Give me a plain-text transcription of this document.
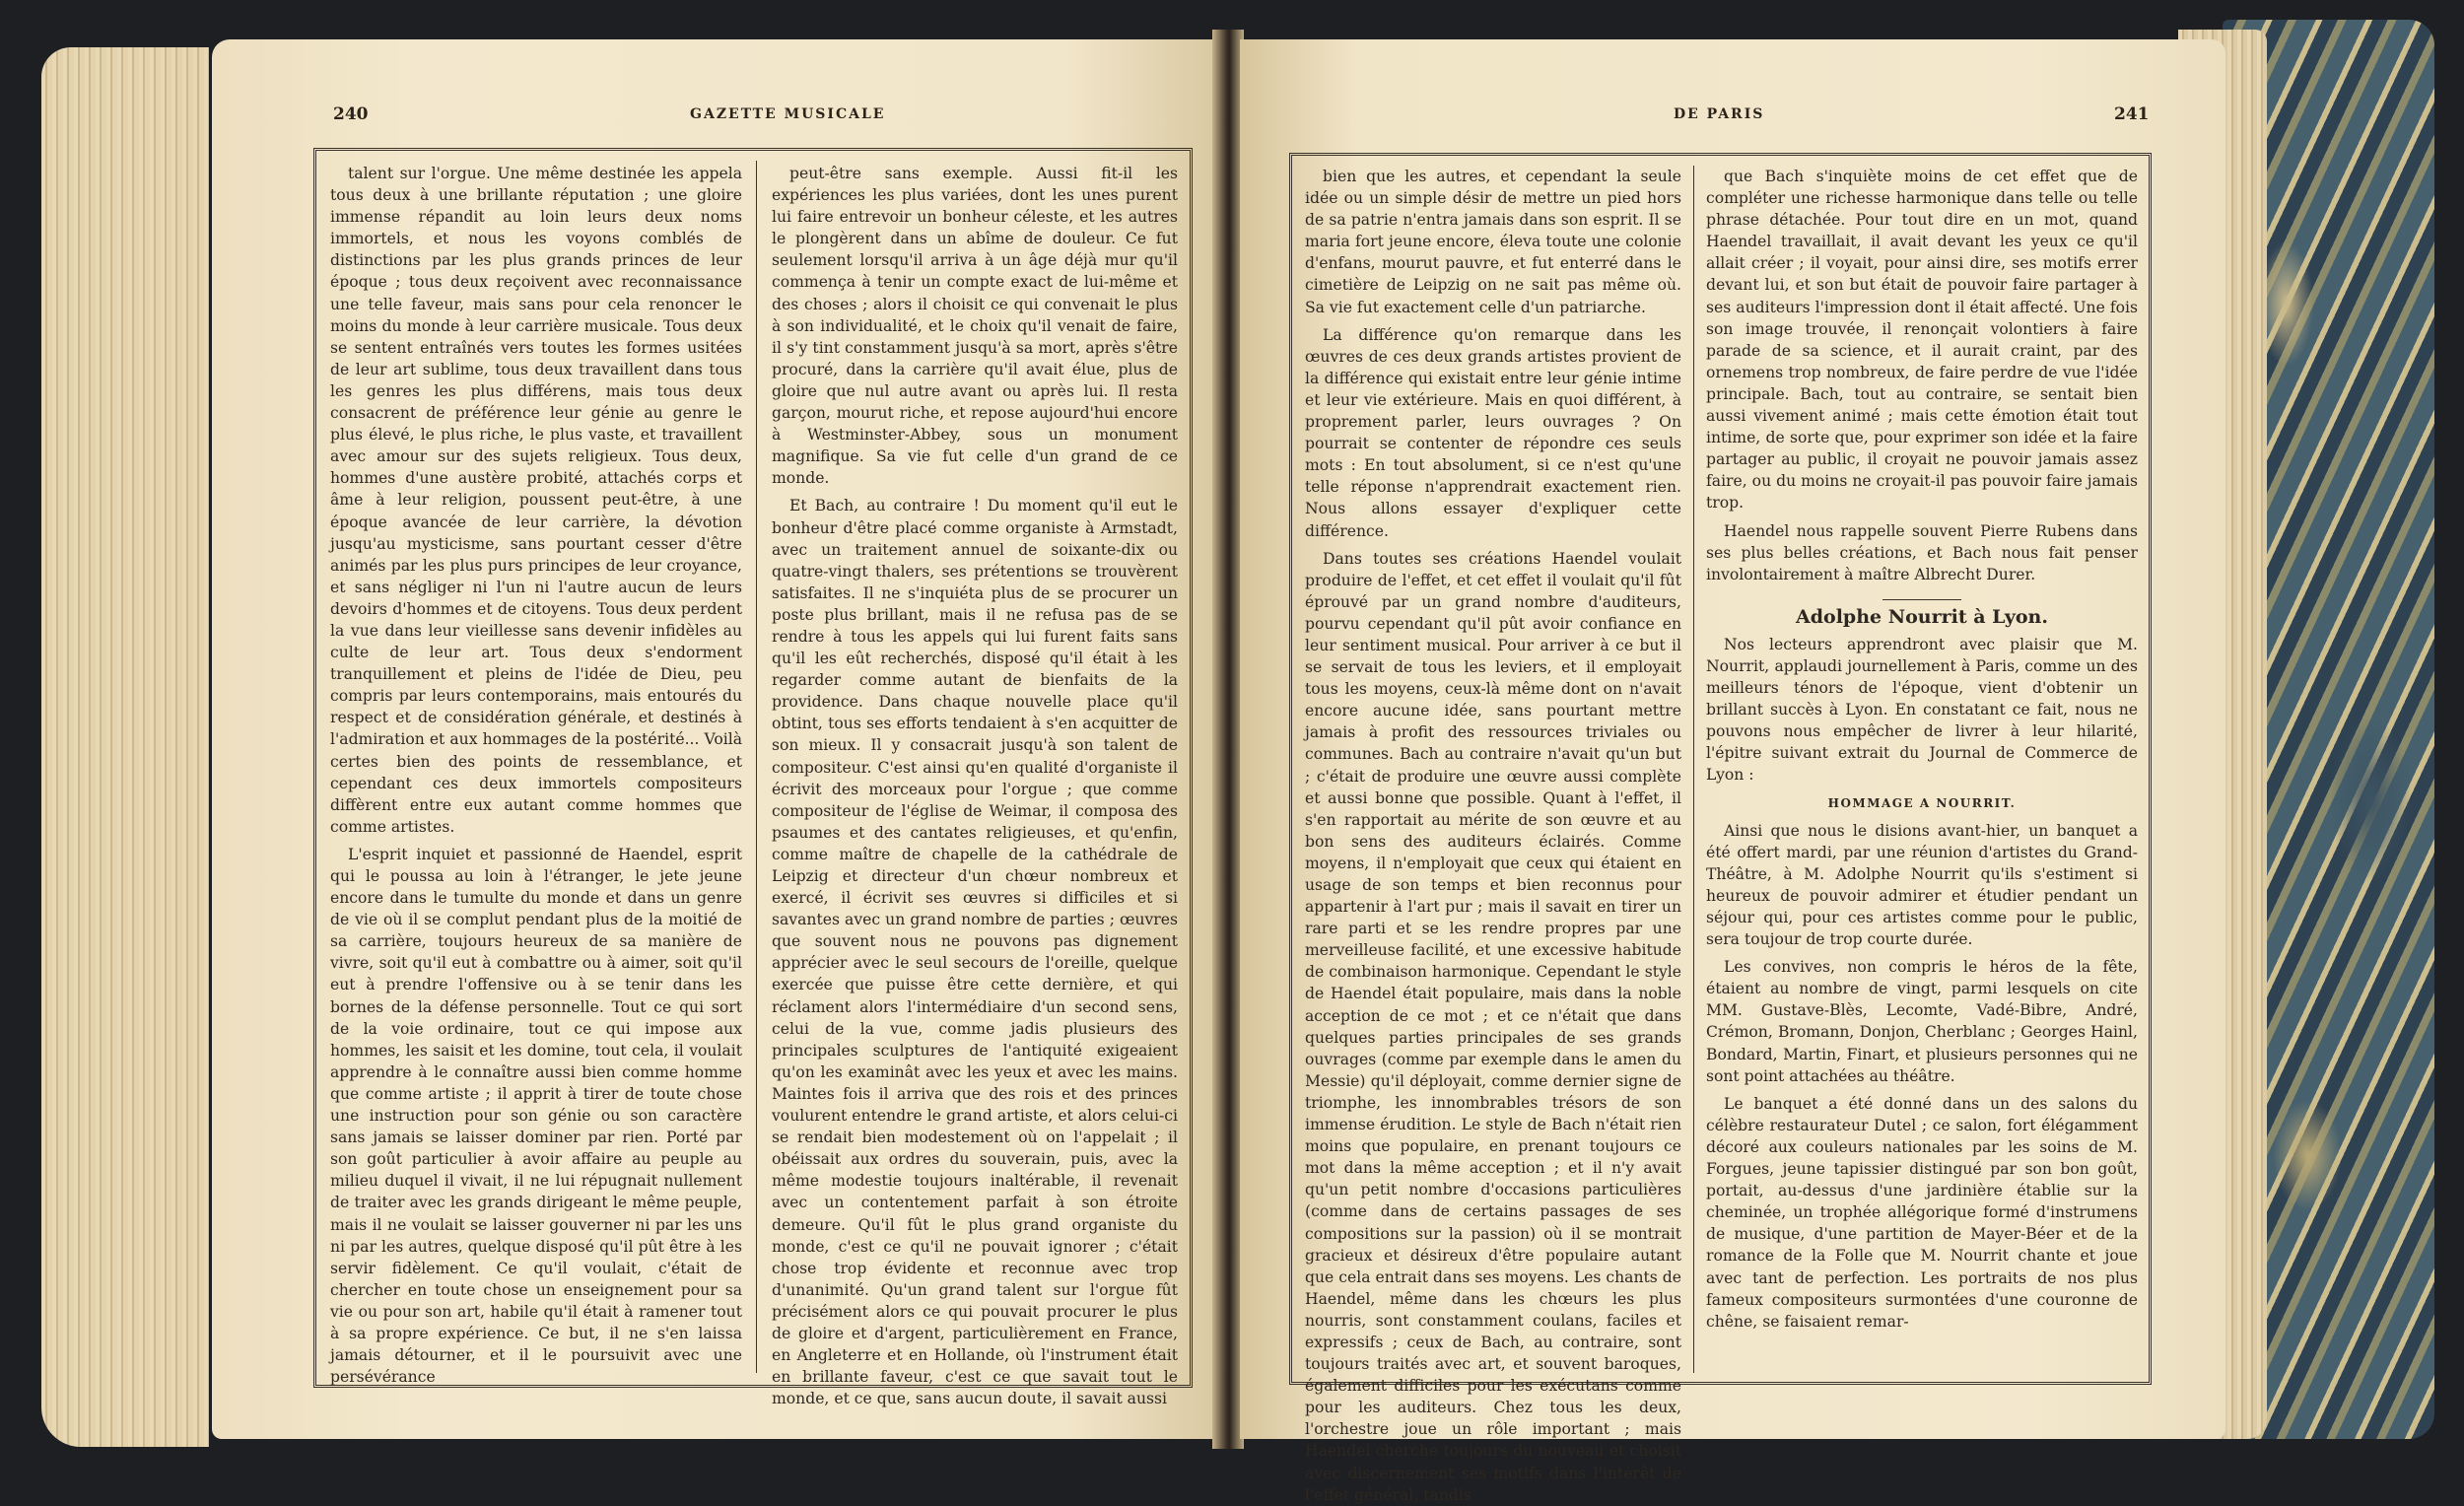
240	GAZETTE MUSICALE

talent sur l'orgue. Une même destinée les appela tous deux à une brillante réputation ; une gloire immense répandit au loin leurs deux noms immortels, et nous les voyons comblés de distinctions par les plus grands princes de leur époque ; tous deux reçoivent avec reconnaissance une telle faveur, mais sans pour cela renoncer le moins du monde à leur carrière musicale. Tous deux se sentent entraînés vers toutes les formes usitées de leur art sublime, tous deux travaillent dans tous les genres les plus différens, mais tous deux consacrent de préférence leur génie au genre le plus élevé, le plus riche, le plus vaste, et travaillent avec amour sur des sujets religieux. Tous deux, hommes d'une austère probité, attachés corps et âme à leur religion, poussent peut-être, à une époque avancée de leur carrière, la dévotion jusqu'au mysticisme, sans pourtant cesser d'être animés par les plus purs principes de leur croyance, et sans négliger ni l'un ni l'autre aucun de leurs devoirs d'hommes et de citoyens. Tous deux perdent la vue dans leur vieillesse sans devenir infidèles au culte de leur art. Tous deux s'endorment tranquillement et pleins de l'idée de Dieu, peu compris par leurs contemporains, mais entourés du respect et de considération générale, et destinés à l'admiration et aux hommages de la postérité... Voilà certes bien des points de ressemblance, et cependant ces deux immortels compositeurs diffèrent entre eux autant comme hommes que comme artistes.

L'esprit inquiet et passionné de Haendel, esprit qui le poussa au loin à l'étranger, le jete jeune encore dans le tumulte du monde et dans un genre de vie où il se complut pendant plus de la moitié de sa carrière, toujours heureux de sa manière de vivre, soit qu'il eut à combattre ou à aimer, soit qu'il eut à prendre l'offensive ou à se tenir dans les bornes de la défense personnelle. Tout ce qui sort de la voie ordinaire, tout ce qui impose aux hommes, les saisit et les domine, tout cela, il voulait apprendre à le connaître aussi bien comme homme que comme artiste ; il apprit à tirer de toute chose une instruction pour son génie ou son caractère sans jamais se laisser dominer par rien. Porté par son goût particulier à avoir affaire au peuple au milieu duquel il vivait, il ne lui répugnait nullement de traiter avec les grands dirigeant le même peuple, mais il ne voulait se laisser gouverner ni par les uns ni par les autres, quelque disposé qu'il pût être à les servir fidèlement. Ce qu'il voulait, c'était de chercher en toute chose un enseignement pour sa vie ou pour son art, habile qu'il était à ramener tout à sa propre expérience. Ce but, il ne s'en laissa jamais détourner, et il le poursuivit avec une persévérance

peut-être sans exemple. Aussi fit-il les expériences les plus variées, dont les unes purent lui faire entrevoir un bonheur céleste, et les autres le plongèrent dans un abîme de douleur. Ce fut seulement lorsqu'il arriva à un âge déjà mur qu'il commença à tenir un compte exact de lui-même et des choses ; alors il choisit ce qui convenait le plus à son individualité, et le choix qu'il venait de faire, il s'y tint constamment jusqu'à sa mort, après s'être procuré, dans la carrière qu'il avait élue, plus de gloire que nul autre avant ou après lui. Il resta garçon, mourut riche, et repose aujourd'hui encore à Westminster-Abbey, sous un monument magnifique. Sa vie fut celle d'un grand de ce monde.

Et Bach, au contraire ! Du moment qu'il eut le bonheur d'être placé comme organiste à Armstadt, avec un traitement annuel de soixante-dix ou quatre-vingt thalers, ses prétentions se trouvèrent satisfaites. Il ne s'inquiéta plus de se procurer un poste plus brillant, mais il ne refusa pas de se rendre à tous les appels qui lui furent faits sans qu'il les eût recherchés, disposé qu'il était à les regarder comme autant de bienfaits de la providence. Dans chaque nouvelle place qu'il obtint, tous ses efforts tendaient à s'en acquitter de son mieux. Il y consacrait jusqu'à son talent de compositeur. C'est ainsi qu'en qualité d'organiste il écrivit des morceaux pour l'orgue ; que comme compositeur de l'église de Weimar, il composa des psaumes et des cantates religieuses, et qu'enfin, comme maître de chapelle de la cathédrale de Leipzig et directeur d'un chœur nombreux et exercé, il écrivit ses œuvres si difficiles et si savantes avec un grand nombre de parties ; œuvres que souvent nous ne pouvons pas dignement apprécier avec le seul secours de l'oreille, quelque exercée que puisse être cette dernière, et qui réclament alors l'intermédiaire d'un second sens, celui de la vue, comme jadis plusieurs des principales sculptures de l'antiquité exigeaient qu'on les examinât avec les yeux et avec les mains. Maintes fois il arriva que des rois et des princes voulurent entendre le grand artiste, et alors celui-ci se rendait bien modestement où on l'appelait ; il obéissait aux ordres du souverain, puis, avec la même modestie toujours inaltérable, il revenait avec un contentement parfait à son étroite demeure. Qu'il fût le plus grand organiste du monde, c'est ce qu'il ne pouvait ignorer ; c'était chose trop évidente et reconnue avec trop d'unanimité. Qu'un grand talent sur l'orgue fût précisément alors ce qui pouvait procurer le plus de gloire et d'argent, particulièrement en France, en Angleterre et en Hollande, où l'instrument était en brillante faveur, c'est ce que savait tout le monde, et ce que, sans aucun doute, il savait aussi

DE PARIS	241

bien que les autres, et cependant la seule idée ou un simple désir de mettre un pied hors de sa patrie n'entra jamais dans son esprit. Il se maria fort jeune encore, éleva toute une colonie d'enfans, mourut pauvre, et fut enterré dans le cimetière de Leipzig on ne sait pas même où. Sa vie fut exactement celle d'un patriarche.

La différence qu'on remarque dans les œuvres de ces deux grands artistes provient de la différence qui existait entre leur génie intime et leur vie extérieure. Mais en quoi différent, à proprement parler, leurs ouvrages ? On pourrait se contenter de répondre ces seuls mots : En tout absolument, si ce n'est qu'une telle réponse n'apprendrait exactement rien. Nous allons essayer d'expliquer cette différence.

Dans toutes ses créations Haendel voulait produire de l'effet, et cet effet il voulait qu'il fût éprouvé par un grand nombre d'auditeurs, pourvu cependant qu'il pût avoir confiance en leur sentiment musical. Pour arriver à ce but il se servait de tous les leviers, et il employait tous les moyens, ceux-là même dont on n'avait encore aucune idée, sans pourtant mettre jamais à profit des ressources triviales ou communes. Bach au contraire n'avait qu'un but ; c'était de produire une œuvre aussi complète et aussi bonne que possible. Quant à l'effet, il s'en rapportait au mérite de son œuvre et au bon sens des auditeurs éclairés. Comme moyens, il n'employait que ceux qui étaient en usage de son temps et bien reconnus pour appartenir à l'art pur ; mais il savait en tirer un rare parti et se les rendre propres par une merveilleuse facilité, et une excessive habitude de combinaison harmonique. Cependant le style de Haendel était populaire, mais dans la noble acception de ce mot ; et ce n'était que dans quelques parties principales de ses grands ouvrages (comme par exemple dans le amen du Messie) qu'il déployait, comme dernier signe de triomphe, les innombrables trésors de son immense érudition. Le style de Bach n'était rien moins que populaire, en prenant toujours ce mot dans la même acception ; et il n'y avait qu'un petit nombre d'occasions particulières (comme dans de certains passages de ses compositions sur la passion) où il se montrait gracieux et désireux d'être populaire autant que cela entrait dans ses moyens. Les chants de Haendel, même dans les chœurs les plus nourris, sont constamment coulans, faciles et expressifs ; ceux de Bach, au contraire, sont toujours traités avec art, et souvent baroques, également difficiles pour les exécutans comme pour les auditeurs. Chez tous les deux, l'orchestre joue un rôle important ; mais Haendel cherche toujours du nouveau et choisit avec discernement ses motifs dans l'intérêt de l'effet général, tandis

que Bach s'inquiète moins de cet effet que de compléter une richesse harmonique dans telle ou telle phrase détachée. Pour tout dire en un mot, quand Haendel travaillait, il avait devant les yeux ce qu'il allait créer ; il voyait, pour ainsi dire, ses motifs errer devant lui, et son but était de pouvoir faire partager à ses auditeurs l'impression dont il était affecté. Une fois son image trouvée, il renonçait volontiers à faire parade de sa science, et il aurait craint, par des ornemens trop nombreux, de faire perdre de vue l'idée principale. Bach, tout au contraire, se sentait bien aussi vivement animé ; mais cette émotion était tout intime, de sorte que, pour exprimer son idée et la faire partager au public, il croyait ne pouvoir jamais assez faire, ou du moins ne croyait-il pas pouvoir faire jamais trop.

Haendel nous rappelle souvent Pierre Rubens dans ses plus belles créations, et Bach nous fait penser involontairement à maître Albrecht Durer.

Adolphe Nourrit à Lyon.

Nos lecteurs apprendront avec plaisir que M. Nourrit, applaudi journellement à Paris, comme un des meilleurs ténors de l'époque, vient d'obtenir un brillant succès à Lyon. En constatant ce fait, nous ne pouvons nous empêcher de livrer à leur hilarité, l'épitre suivant extrait du Journal de Commerce de Lyon :

HOMMAGE A NOURRIT.

Ainsi que nous le disions avant-hier, un banquet a été offert mardi, par une réunion d'artistes du Grand-Théâtre, à M. Adolphe Nourrit qu'ils s'estiment si heureux de pouvoir admirer et étudier pendant un séjour qui, pour ces artistes comme pour le public, sera toujour de trop courte durée.

Les convives, non compris le héros de la fête, étaient au nombre de vingt, parmi lesquels on cite MM. Gustave-Blès, Lecomte, Vadé-Bibre, André, Crémon, Bromann, Donjon, Cherblanc ; Georges Hainl, Bondard, Martin, Finart, et plusieurs personnes qui ne sont point attachées au théâtre.

Le banquet a été donné dans un des salons du célèbre restaurateur Dutel ; ce salon, fort élégamment décoré aux couleurs nationales par les soins de M. Forgues, jeune tapissier distingué par son bon goût, portait, au-dessus d'une jardinière établie sur la cheminée, un trophée allégorique formé d'instrumens de musique, d'une partition de Mayer-Béer et de la romance de la Folle que M. Nourrit chante et joue avec tant de perfection. Les portraits de nos plus fameux compositeurs surmontées d'une couronne de chêne, se faisaient remar-
